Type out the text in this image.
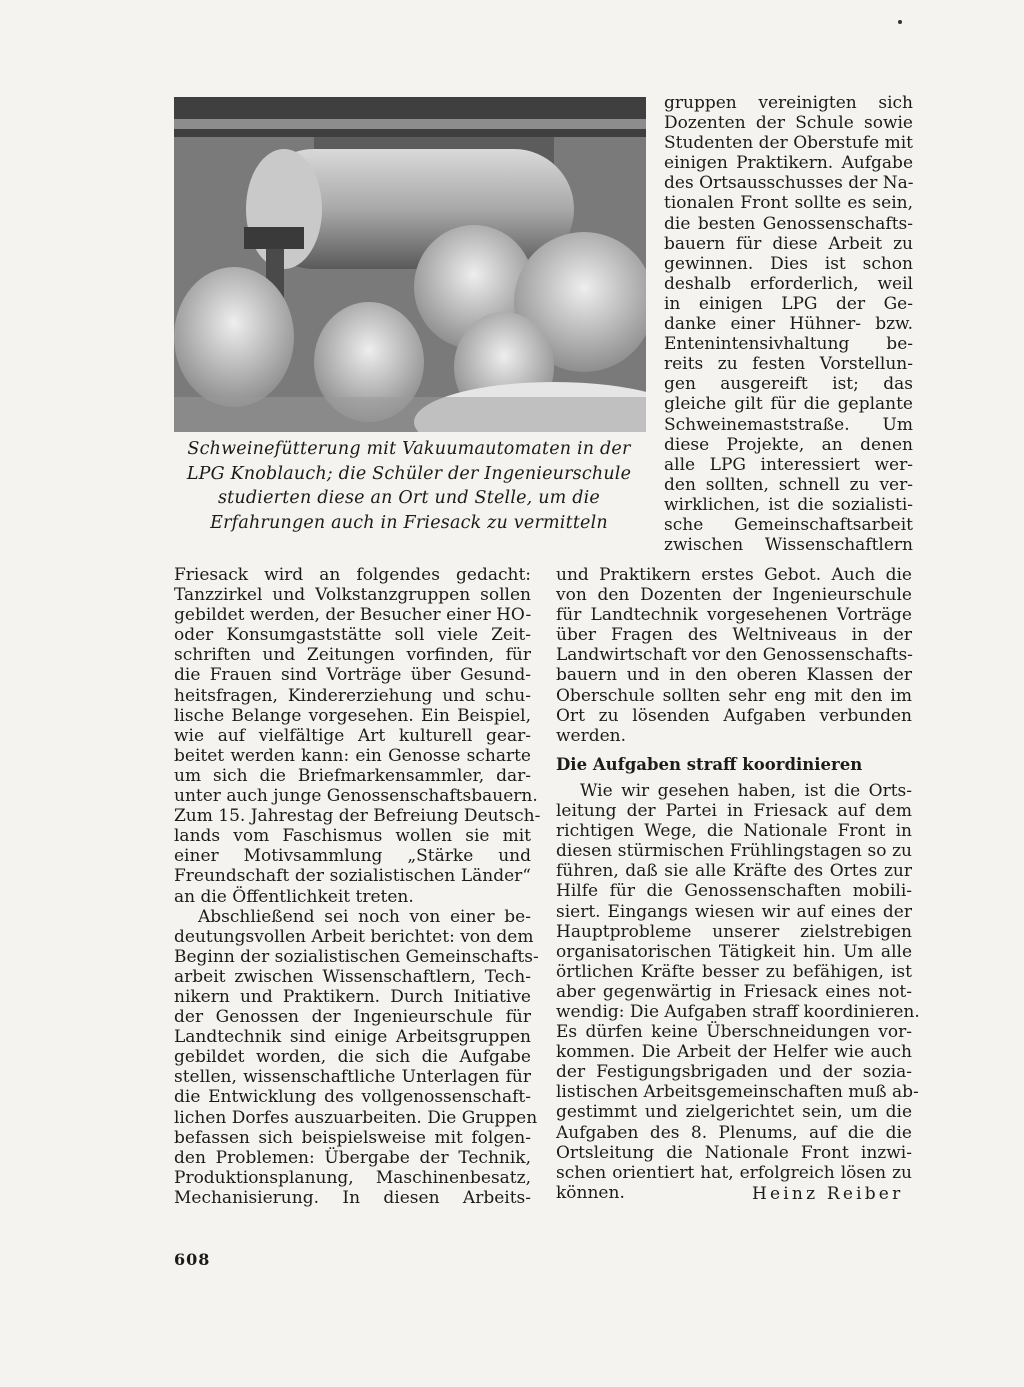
Schweinefütterung mit Vakuumautomaten in der LPG Knoblauch; die Schüler der Ingenieurschule studierten diese an Ort und Stelle, um die Erfahrungen auch in Friesack zu vermitteln
gruppen vereinigten sich
Dozenten der Schule sowie
Studenten der Oberstufe mit
einigen Praktikern. Aufgabe
des Ortsausschusses der Na-
tionalen Front sollte es sein,
die besten Genossenschafts-
bauern für diese Arbeit zu
gewinnen. Dies ist schon
deshalb erforderlich, weil
in einigen LPG der Ge-
danke einer Hühner- bzw.
Entenintensivhaltung be-
reits zu festen Vorstellun-
gen ausgereift ist; das
gleiche gilt für die geplante
Schweinemaststraße. Um
diese Projekte, an denen
alle LPG interessiert wer-
den sollten, schnell zu ver-
wirklichen, ist die sozialisti-
sche Gemeinschaftsarbeit
zwischen Wissenschaftlern
Friesack wird an folgendes gedacht:
Tanzzirkel und Volkstanzgruppen sollen
gebildet werden, der Besucher einer HO-
oder Konsumgaststätte soll viele Zeit-
schriften und Zeitungen vorfinden, für
die Frauen sind Vorträge über Gesund-
heitsfragen, Kindererziehung und schu-
lische Belange vorgesehen. Ein Beispiel,
wie auf vielfältige Art kulturell gear-
beitet werden kann: ein Genosse scharte
um sich die Briefmarkensammler, dar-
unter auch junge Genossenschaftsbauern.
Zum 15. Jahrestag der Befreiung Deutsch-
lands vom Faschismus wollen sie mit
einer Motivsammlung „Stärke und
Freundschaft der sozialistischen Länder“
an die Öffentlichkeit treten.
Abschließend sei noch von einer be-
deutungsvollen Arbeit berichtet: von dem
Beginn der sozialistischen Gemeinschafts-
arbeit zwischen Wissenschaftlern, Tech-
nikern und Praktikern. Durch Initiative
der Genossen der Ingenieurschule für
Landtechnik sind einige Arbeitsgruppen
gebildet worden, die sich die Aufgabe
stellen, wissenschaftliche Unterlagen für
die Entwicklung des vollgenossenschaft-
lichen Dorfes auszuarbeiten. Die Gruppen
befassen sich beispielsweise mit folgen-
den Problemen: Übergabe der Technik,
Produktionsplanung, Maschinenbesatz,
Mechanisierung. In diesen Arbeits-
und Praktikern erstes Gebot. Auch die
von den Dozenten der Ingenieurschule
für Landtechnik vorgesehenen Vorträge
über Fragen des Weltniveaus in der
Landwirtschaft vor den Genossenschafts-
bauern und in den oberen Klassen der
Oberschule sollten sehr eng mit den im
Ort zu lösenden Aufgaben verbunden
werden.
Die Aufgaben straff koordinieren
Wie wir gesehen haben, ist die Orts-
leitung der Partei in Friesack auf dem
richtigen Wege, die Nationale Front in
diesen stürmischen Frühlingstagen so zu
führen, daß sie alle Kräfte des Ortes zur
Hilfe für die Genossenschaften mobili-
siert. Eingangs wiesen wir auf eines der
Hauptprobleme unserer zielstrebigen
organisatorischen Tätigkeit hin. Um alle
örtlichen Kräfte besser zu befähigen, ist
aber gegenwärtig in Friesack eines not-
wendig: Die Aufgaben straff koordinieren.
Es dürfen keine Überschneidungen vor-
kommen. Die Arbeit der Helfer wie auch
der Festigungsbrigaden und der sozia-
listischen Arbeitsgemeinschaften muß ab-
gestimmt und zielgerichtet sein, um die
Aufgaben des 8. Plenums, auf die die
Ortsleitung die Nationale Front inzwi-
schen orientiert hat, erfolgreich lösen zu
können.	Heinz Reiber
608
